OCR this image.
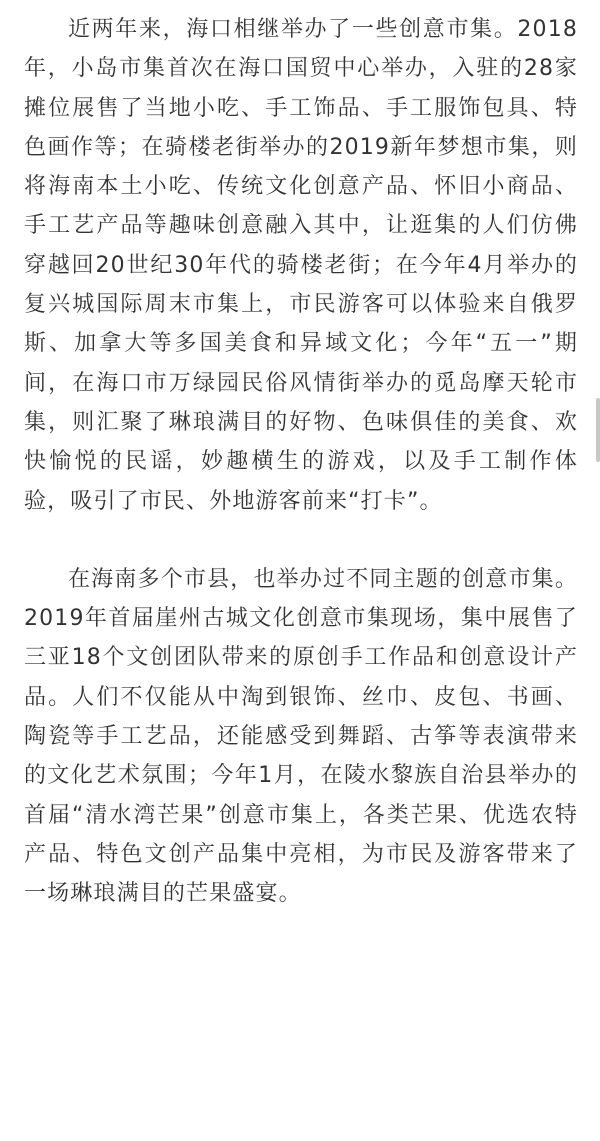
近两年来，海口相继举办了一些创意市集。2018年，小岛市集首次在海口国贸中心举办，入驻的28家摊位展售了当地小吃、手工饰品、手工服饰包具、特色画作等；在骑楼老街举办的2019新年梦想市集，则将海南本土小吃、传统文化创意产品、怀旧小商品、手工艺产品等趣味创意融入其中，让逛集的人们仿佛穿越回20世纪30年代的骑楼老街；在今年4月举办的复兴城国际周末市集上，市民游客可以体验来自俄罗斯、加拿大等多国美食和异域文化；今年“五一”期间，在海口市万绿园民俗风情街举办的觅岛摩天轮市集，则汇聚了琳琅满目的好物、色味俱佳的美食、欢快愉悦的民谣，妙趣横生的游戏，以及手工制作体验，吸引了市民、外地游客前来“打卡”。

在海南多个市县，也举办过不同主题的创意市集。2019年首届崖州古城文化创意市集现场，集中展售了三亚18个文创团队带来的原创手工作品和创意设计产品。人们不仅能从中淘到银饰、丝巾、皮包、书画、陶瓷等手工艺品，还能感受到舞蹈、古筝等表演带来的文化艺术氛围；今年1月，在陵水黎族自治县举办的首届“清水湾芒果”创意市集上，各类芒果、优选农特产品、特色文创产品集中亮相，为市民及游客带来了一场琳琅满目的芒果盛宴。
